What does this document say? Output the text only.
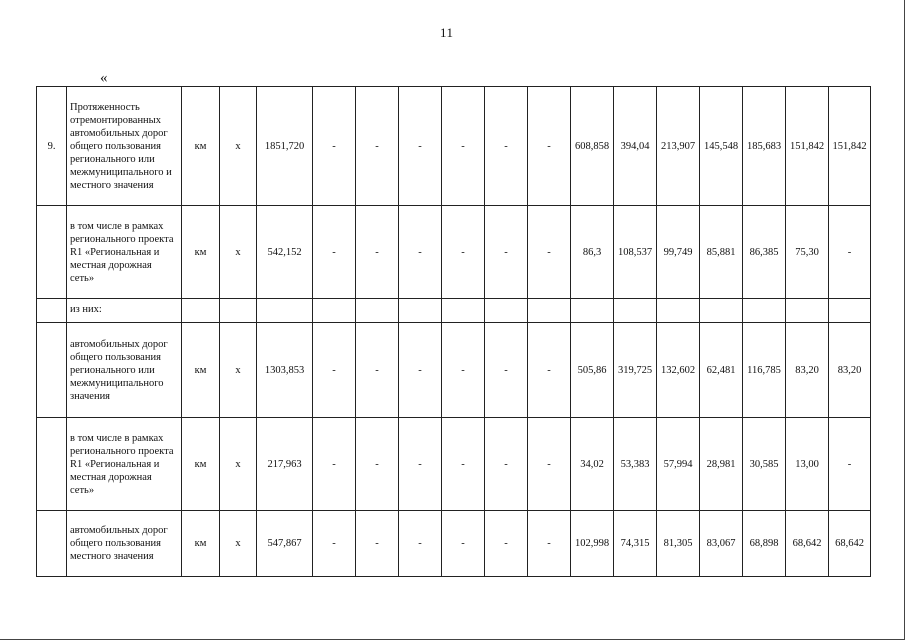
11
«
9.	Протяженность отремонтированных автомобильных дорог общего пользования регионального или межмуниципального и местного значения	км	х	1851,720	-	-	-	-	-	-	608,858	394,04	213,907	145,548	185,683	151,842	151,842
	в том числе в рамках регионального проекта R1 «Региональная и местная дорожная сеть»	км	х	542,152	-	-	-	-	-	-	86,3	108,537	99,749	85,881	86,385	75,30	-
	из них:																
	автомобильных дорог общего пользования регионального или межмуниципального значения	км	х	1303,853	-	-	-	-	-	-	505,86	319,725	132,602	62,481	116,785	83,20	83,20
	в том числе в рамках регионального проекта R1 «Региональная и местная дорожная сеть»	км	х	217,963	-	-	-	-	-	-	34,02	53,383	57,994	28,981	30,585	13,00	-
	автомобильных дорог общего пользования местного значения	км	х	547,867	-	-	-	-	-	-	102,998	74,315	81,305	83,067	68,898	68,642	68,642
